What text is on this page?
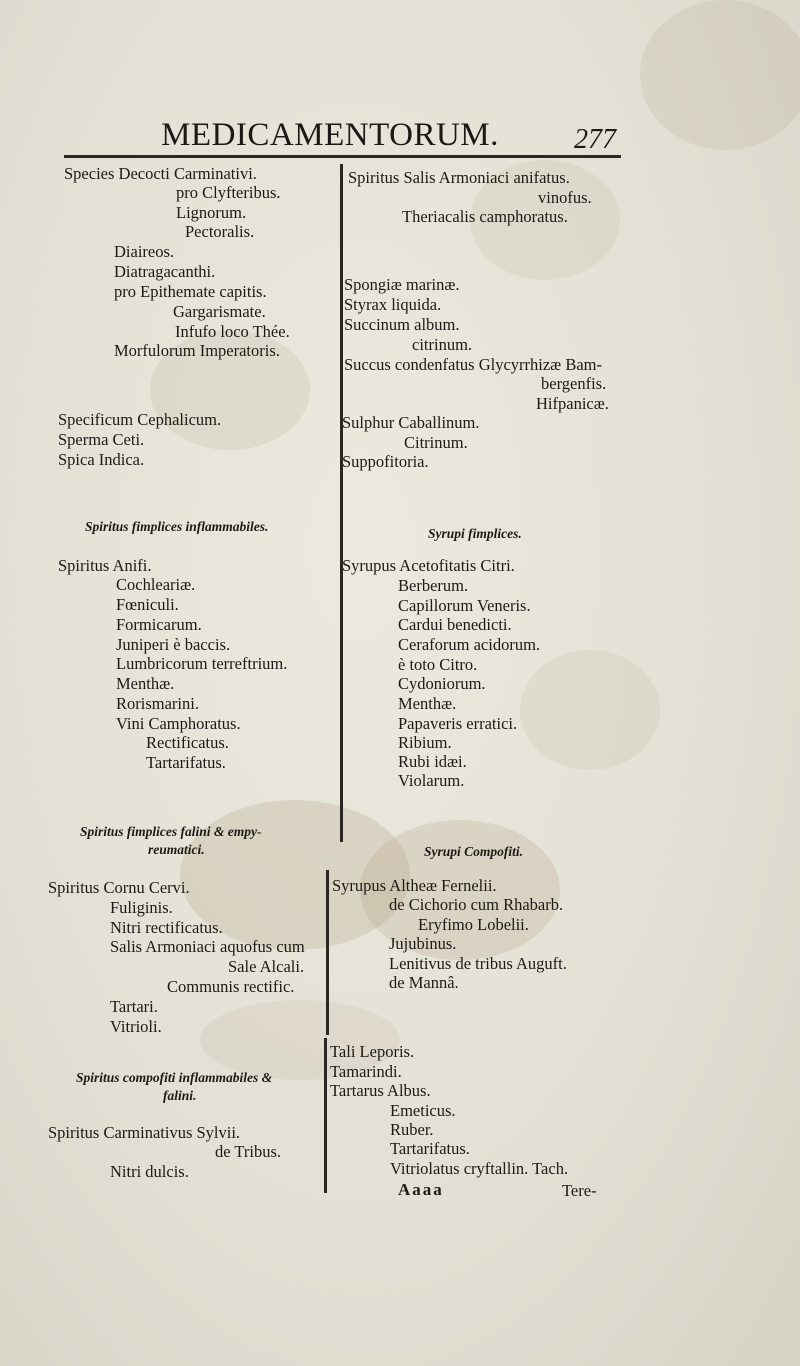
MEDICAMENTORUM.	277
Species Decocti Carminativi.
pro Clyfteribus.
Lignorum.
Pectoralis.
Diaireos.
Diatragacanthi.
pro Epithemate capitis.
Gargarismate.
Infufo loco Thée.
Morfulorum Imperatoris.
Specificum Cephalicum.
Sperma Ceti.
Spica Indica.
Spiritus fimplices inflammabiles.
Spiritus Anifi.
Cochleariæ.
Fœniculi.
Formicarum.
Juniperi è baccis.
Lumbricorum terreftrium.
Menthæ.
Rorismarini.
Vini Camphoratus.
Rectificatus.
Tartarifatus.
Spiritus fimplices falini & empy-
reumatici.
Spiritus Cornu Cervi.
Fuliginis.
Nitri rectificatus.
Salis Armoniaci aquofus cum
Sale Alcali.
Communis rectific.
Tartari.
Vitrioli.
Spiritus compofiti inflammabiles &
falini.
Spiritus Carminativus Sylvii.
de Tribus.
Nitri dulcis.
Spiritus Salis Armoniaci anifatus.
vinofus.
Theriacalis camphoratus.
Spongiæ marinæ.
Styrax liquida.
Succinum album.
citrinum.
Succus condenfatus Glycyrrhizæ Bam-
bergenfis.
Hifpanicæ.
Sulphur Caballinum.
Citrinum.
Suppofitoria.
Syrupi fimplices.
Syrupus Acetofitatis Citri.
Berberum.
Capillorum Veneris.
Cardui benedicti.
Ceraforum acidorum.
è toto Citro.
Cydoniorum.
Menthæ.
Papaveris erratici.
Ribium.
Rubi idæi.
Violarum.
Syrupi Compofiti.
Syrupus Altheæ Fernelii.
de Cichorio cum Rhabarb.
Eryfimo Lobelii.
Jujubinus.
Lenitivus de tribus Auguft.
de Mannâ.
Tali Leporis.
Tamarindi.
Tartarus Albus.
Emeticus.
Ruber.
Tartarifatus.
Vitriolatus cryftallin. Tach.
Aaaa	Tere-
